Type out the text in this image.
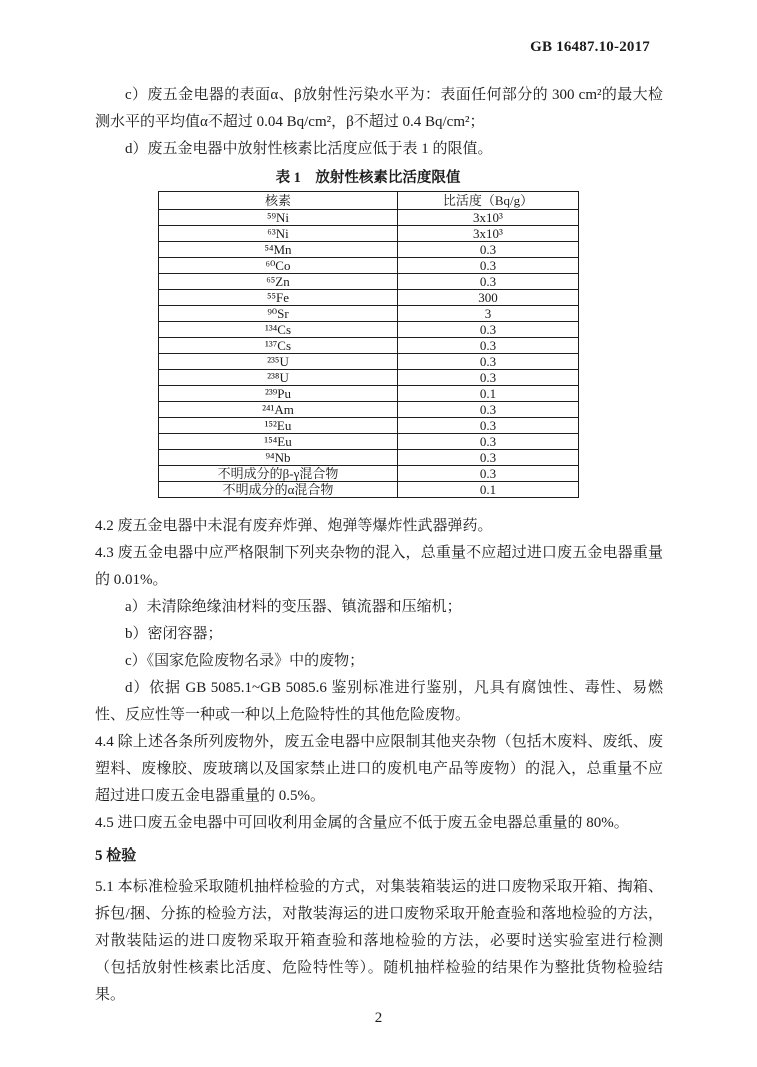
GB 16487.10-2017

c）废五金电器的表面α、β放射性污染水平为：表面任何部分的 300 cm²的最大检测水平的平均值α不超过 0.04 Bq/cm²，β不超过 0.4 Bq/cm²；

d）废五金电器中放射性核素比活度应低于表 1 的限值。

表 1　放射性核素比活度限值
核素	比活度（Bq/g）
⁵⁹Ni	3x10³
⁶³Ni	3x10³
⁵⁴Mn	0.3
⁶⁰Co	0.3
⁶⁵Zn	0.3
⁵⁵Fe	300
⁹⁰Sr	3
¹³⁴Cs	0.3
¹³⁷Cs	0.3
²³⁵U	0.3
²³⁸U	0.3
²³⁹Pu	0.1
²⁴¹Am	0.3
¹⁵²Eu	0.3
¹⁵⁴Eu	0.3
⁹⁴Nb	0.3
不明成分的β-γ混合物	0.3
不明成分的α混合物	0.1

4.2 废五金电器中未混有废弃炸弹、炮弹等爆炸性武器弹药。

4.3 废五金电器中应严格限制下列夹杂物的混入，总重量不应超过进口废五金电器重量的 0.01%。

a）未清除绝缘油材料的变压器、镇流器和压缩机；

b）密闭容器；

c）《国家危险废物名录》中的废物；

d）依据 GB 5085.1~GB 5085.6 鉴别标准进行鉴别，凡具有腐蚀性、毒性、易燃性、反应性等一种或一种以上危险特性的其他危险废物。

4.4 除上述各条所列废物外，废五金电器中应限制其他夹杂物（包括木废料、废纸、废塑料、废橡胶、废玻璃以及国家禁止进口的废机电产品等废物）的混入，总重量不应超过进口废五金电器重量的 0.5%。

4.5 进口废五金电器中可回收利用金属的含量应不低于废五金电器总重量的 80%。

5 检验

5.1 本标准检验采取随机抽样检验的方式，对集装箱装运的进口废物采取开箱、掏箱、拆包/捆、分拣的检验方法，对散装海运的进口废物采取开舱查验和落地检验的方法，对散装陆运的进口废物采取开箱查验和落地检验的方法，必要时送实验室进行检测（包括放射性核素比活度、危险特性等）。随机抽样检验的结果作为整批货物检验结果。

2
